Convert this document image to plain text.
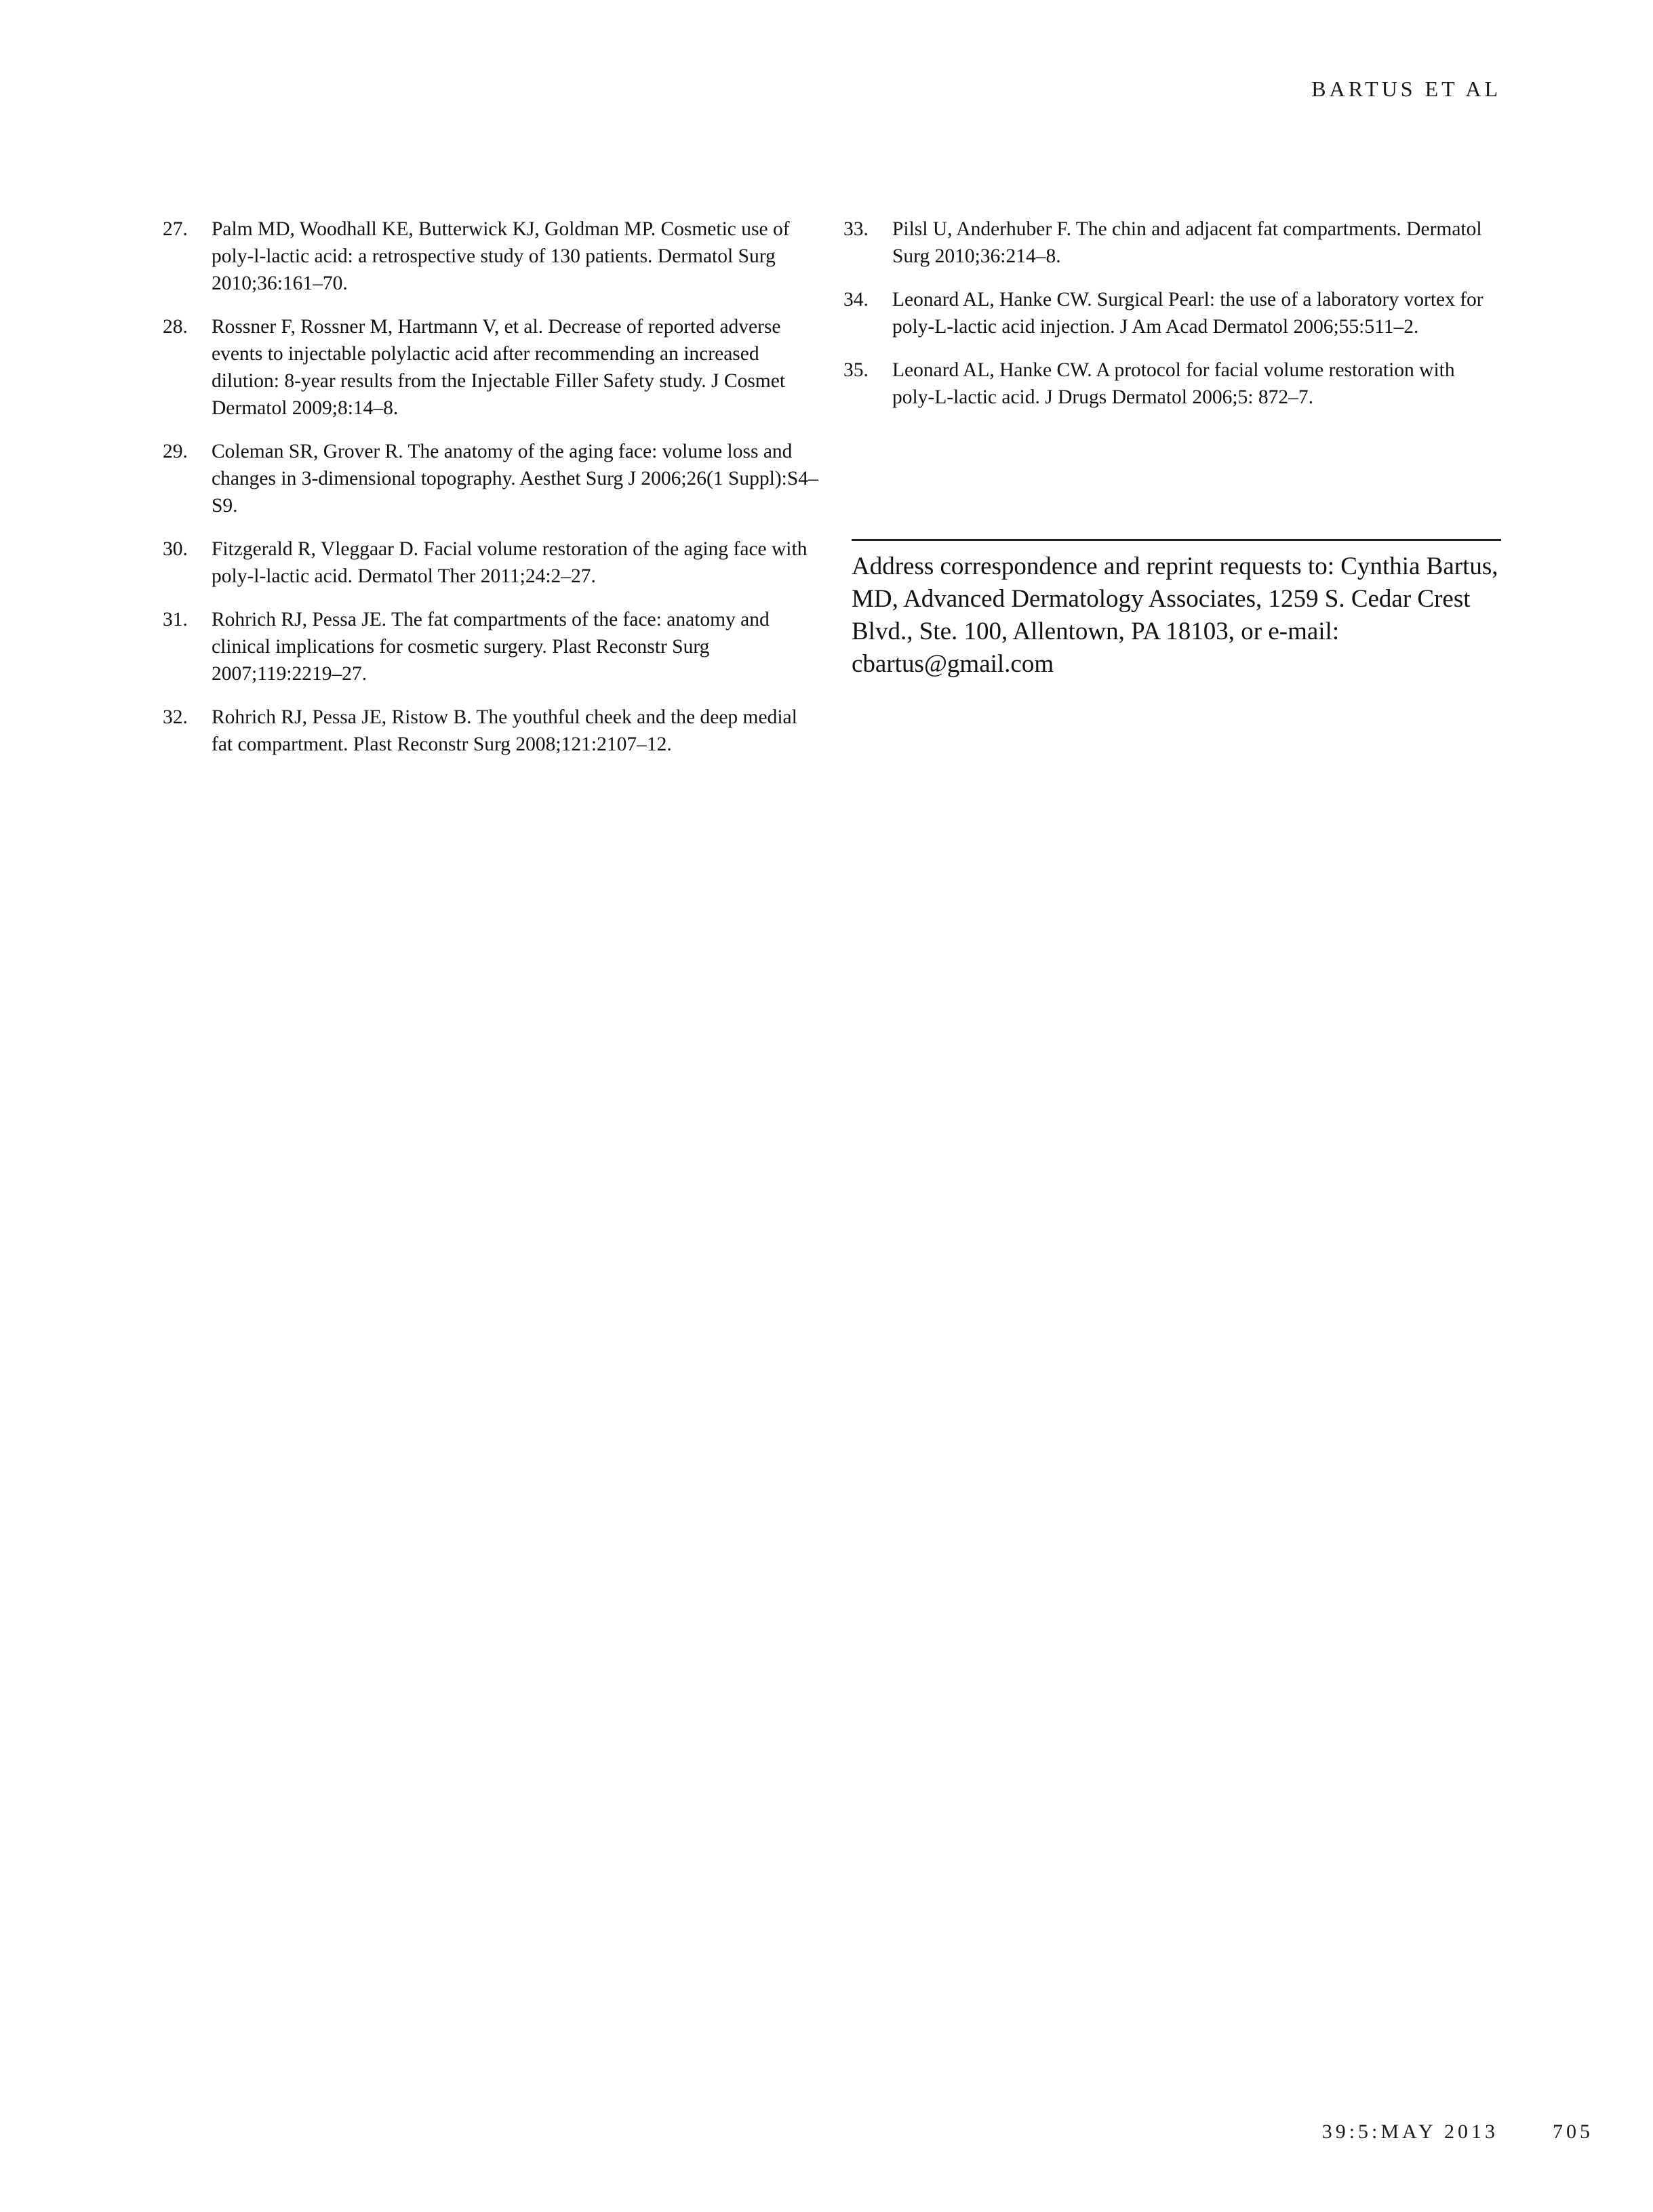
BARTUS ET AL
27. Palm MD, Woodhall KE, Butterwick KJ, Goldman MP. Cosmetic use of poly-l-lactic acid: a retrospective study of 130 patients. Dermatol Surg 2010;36:161–70.
28. Rossner F, Rossner M, Hartmann V, et al. Decrease of reported adverse events to injectable polylactic acid after recommending an increased dilution: 8-year results from the Injectable Filler Safety study. J Cosmet Dermatol 2009;8:14–8.
29. Coleman SR, Grover R. The anatomy of the aging face: volume loss and changes in 3-dimensional topography. Aesthet Surg J 2006;26(1 Suppl):S4–S9.
30. Fitzgerald R, Vleggaar D. Facial volume restoration of the aging face with poly-l-lactic acid. Dermatol Ther 2011;24:2–27.
31. Rohrich RJ, Pessa JE. The fat compartments of the face: anatomy and clinical implications for cosmetic surgery. Plast Reconstr Surg 2007;119:2219–27.
32. Rohrich RJ, Pessa JE, Ristow B. The youthful cheek and the deep medial fat compartment. Plast Reconstr Surg 2008;121:2107–12.
33. Pilsl U, Anderhuber F. The chin and adjacent fat compartments. Dermatol Surg 2010;36:214–8.
34. Leonard AL, Hanke CW. Surgical Pearl: the use of a laboratory vortex for poly-L-lactic acid injection. J Am Acad Dermatol 2006;55:511–2.
35. Leonard AL, Hanke CW. A protocol for facial volume restoration with poly-L-lactic acid. J Drugs Dermatol 2006;5: 872–7.
Address correspondence and reprint requests to: Cynthia Bartus, MD, Advanced Dermatology Associates, 1259 S. Cedar Crest Blvd., Ste. 100, Allentown, PA 18103, or e-mail: cbartus@gmail.com
39:5:MAY 2013	705
